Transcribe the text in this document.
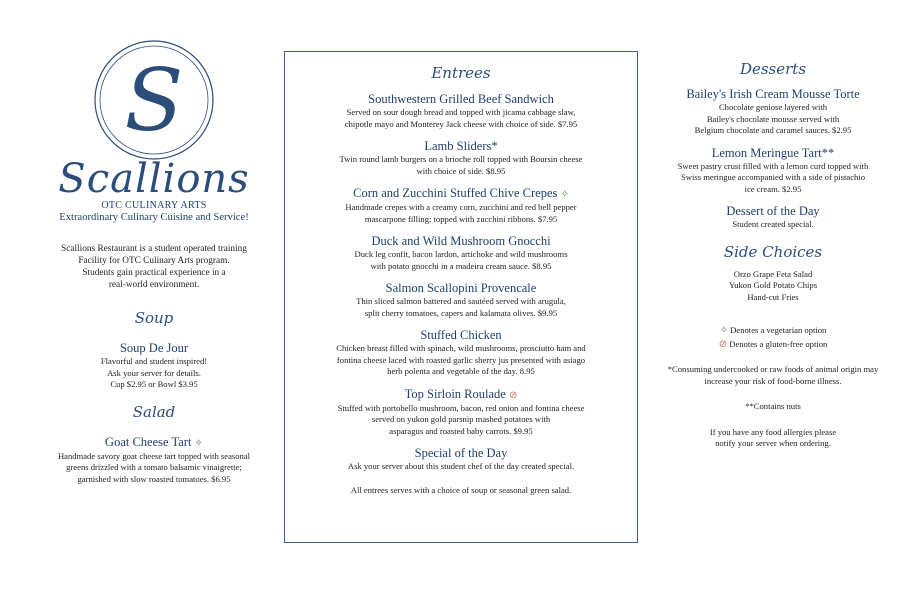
S

Scallions

OTC CULINARY ARTS

Extraordinary Culinary Cuisine and Service!

Scallions Restaurant is a student operated training
Facility for OTC Culinary Arts program.
Students gain practical experience in a
real-world environment.

Soup

Soup De Jour

Flavorful and student inspired!
Ask your server for details.
Cup $2.95 or Bowl $3.95

Salad

Goat Cheese Tart ✧

Handmade savory goat cheese tart topped with seasonal
greens drizzled with a tomato balsamic vinaigrette;
garnished with slow roasted tomatoes. $6.95

Entrees

Southwestern Grilled Beef Sandwich

Served on sour dough bread and topped with jicama cabbage slaw,
chipotle mayo and Monterey Jack cheese with choice of side. $7.95

Lamb Sliders*

Twin round lamb burgers on a brioche roll topped with Boursin cheese
with choice of side. $8.95

Corn and Zucchini Stuffed Chive Crepes ✧

Handmade crepes with a creamy corn, zucchini and red bell pepper
mascarpone filling; topped with zucchini ribbons. $7.95

Duck and Wild Mushroom Gnocchi

Duck leg confit, bacon lardon, artichoke and wild mushrooms
with potato gnocchi in a madeira cream sauce. $8.95

Salmon Scallopini Provencale

Thin sliced salmon battered and sautéed served with arugula,
split cherry tomatoes, capers and kalamata olives. $9.95

Stuffed Chicken

Chicken breast filled with spinach, wild mushrooms, prosciutto ham and
fontina cheese laced with roasted garlic sherry jus presented with asiago
herb polenta and vegetable of the day. 8.95

Top Sirloin Roulade ⊘

Stuffed with portobello mushroom, bacon, red onion and fontina cheese
served on yukon gold parsnip mashed potatoes with
asparagus and roasted baby carrots. $9.95

Special of the Day

Ask your server about this student chef of the day created special.

All entrees serves with a choice of soup or seasonal green salad.

Desserts

Bailey's Irish Cream Mousse Torte

Chocolate geniose layered with
Bailey's chocolate mousse served with
Belgium chocolate and caramel sauces. $2.95

Lemon Meringue Tart**

Sweet pastry crust filled with a lemon curd topped with
Swiss meringue accompanied with a side of pistachio
ice cream. $2.95

Dessert of the Day

Student created special.

Side Choices

Orzo Grape Feta Salad
Yukon Gold Potato Chips
Hand-cut Fries

✧ Denotes a vegetarian option

⊘ Denotes a gluten-free option

*Consuming undercooked or raw foods of animal origin may
increase your risk of food-borne illness.

**Contains nuts

If you have any food allergies please
notify your server when ordering.
